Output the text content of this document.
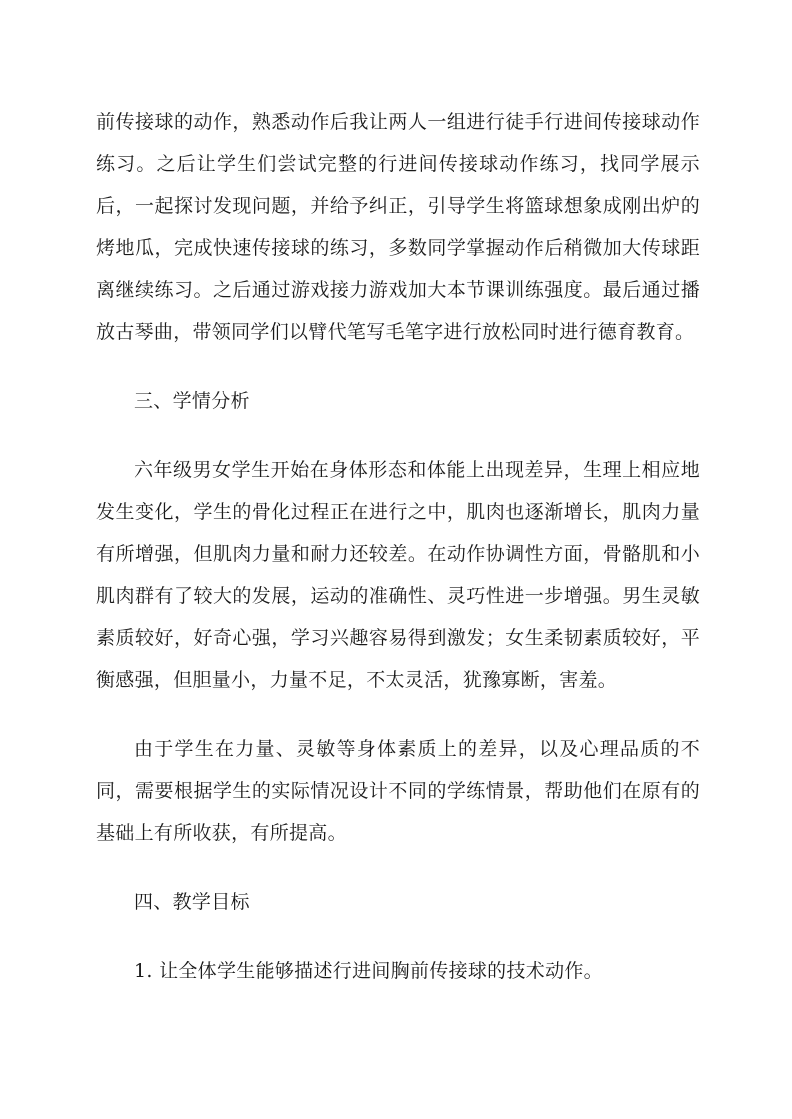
前传接球的动作，熟悉动作后我让两人一组进行徒手行进间传接球动作练习。之后让学生们尝试完整的行进间传接球动作练习，找同学展示后，一起探讨发现问题，并给予纠正，引导学生将篮球想象成刚出炉的烤地瓜，完成快速传接球的练习，多数同学掌握动作后稍微加大传球距离继续练习。之后通过游戏接力游戏加大本节课训练强度。最后通过播放古琴曲，带领同学们以臂代笔写毛笔字进行放松同时进行德育教育。

三、学情分析

六年级男女学生开始在身体形态和体能上出现差异，生理上相应地发生变化，学生的骨化过程正在进行之中，肌肉也逐渐增长，肌肉力量有所增强，但肌肉力量和耐力还较差。在动作协调性方面，骨骼肌和小肌肉群有了较大的发展，运动的准确性、灵巧性进一步增强。男生灵敏素质较好，好奇心强，学习兴趣容易得到激发；女生柔韧素质较好，平衡感强，但胆量小，力量不足，不太灵活，犹豫寡断，害羞。

由于学生在力量、灵敏等身体素质上的差异，以及心理品质的不同，需要根据学生的实际情况设计不同的学练情景，帮助他们在原有的基础上有所收获，有所提高。

四、教学目标

1. 让全体学生能够描述行进间胸前传接球的技术动作。
